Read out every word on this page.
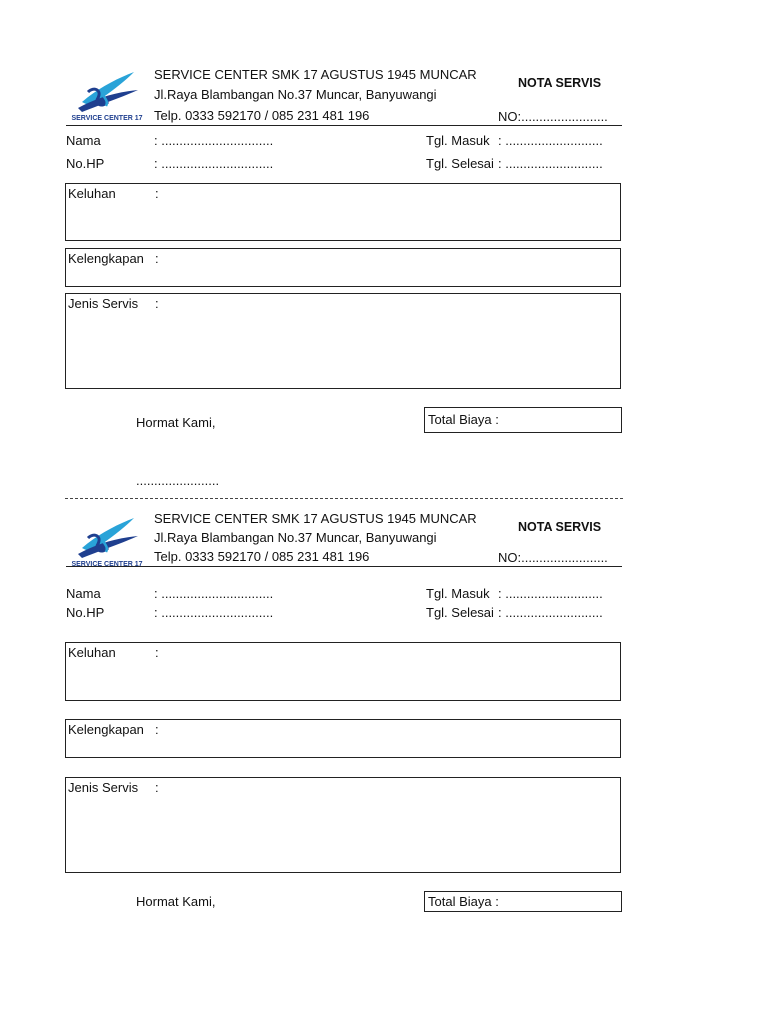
SERVICE CENTER 17
SERVICE CENTER SMK 17 AGUSTUS 1945 MUNCAR
Jl.Raya Blambangan No.37 Muncar, Banyuwangi
Telp. 0333 592170 / 085 231 481 196
NOTA SERVIS
NO:........................
Nama	: ...............................
No.HP	: ...............................
Tgl. Masuk : ...........................
Tgl. Selesai : ...........................
Keluhan	:
Kelengkapan :
Jenis Servis :
Hormat Kami,	Total Biaya :
.......................
SERVICE CENTER 17
SERVICE CENTER SMK 17 AGUSTUS 1945 MUNCAR
Jl.Raya Blambangan No.37 Muncar, Banyuwangi
Telp. 0333 592170 / 085 231 481 196
NOTA SERVIS
NO:........................
Nama	: ...............................
No.HP	: ...............................
Tgl. Masuk : ...........................
Tgl. Selesai : ...........................
Keluhan	:
Kelengkapan :
Jenis Servis :
Hormat Kami,	Total Biaya :
